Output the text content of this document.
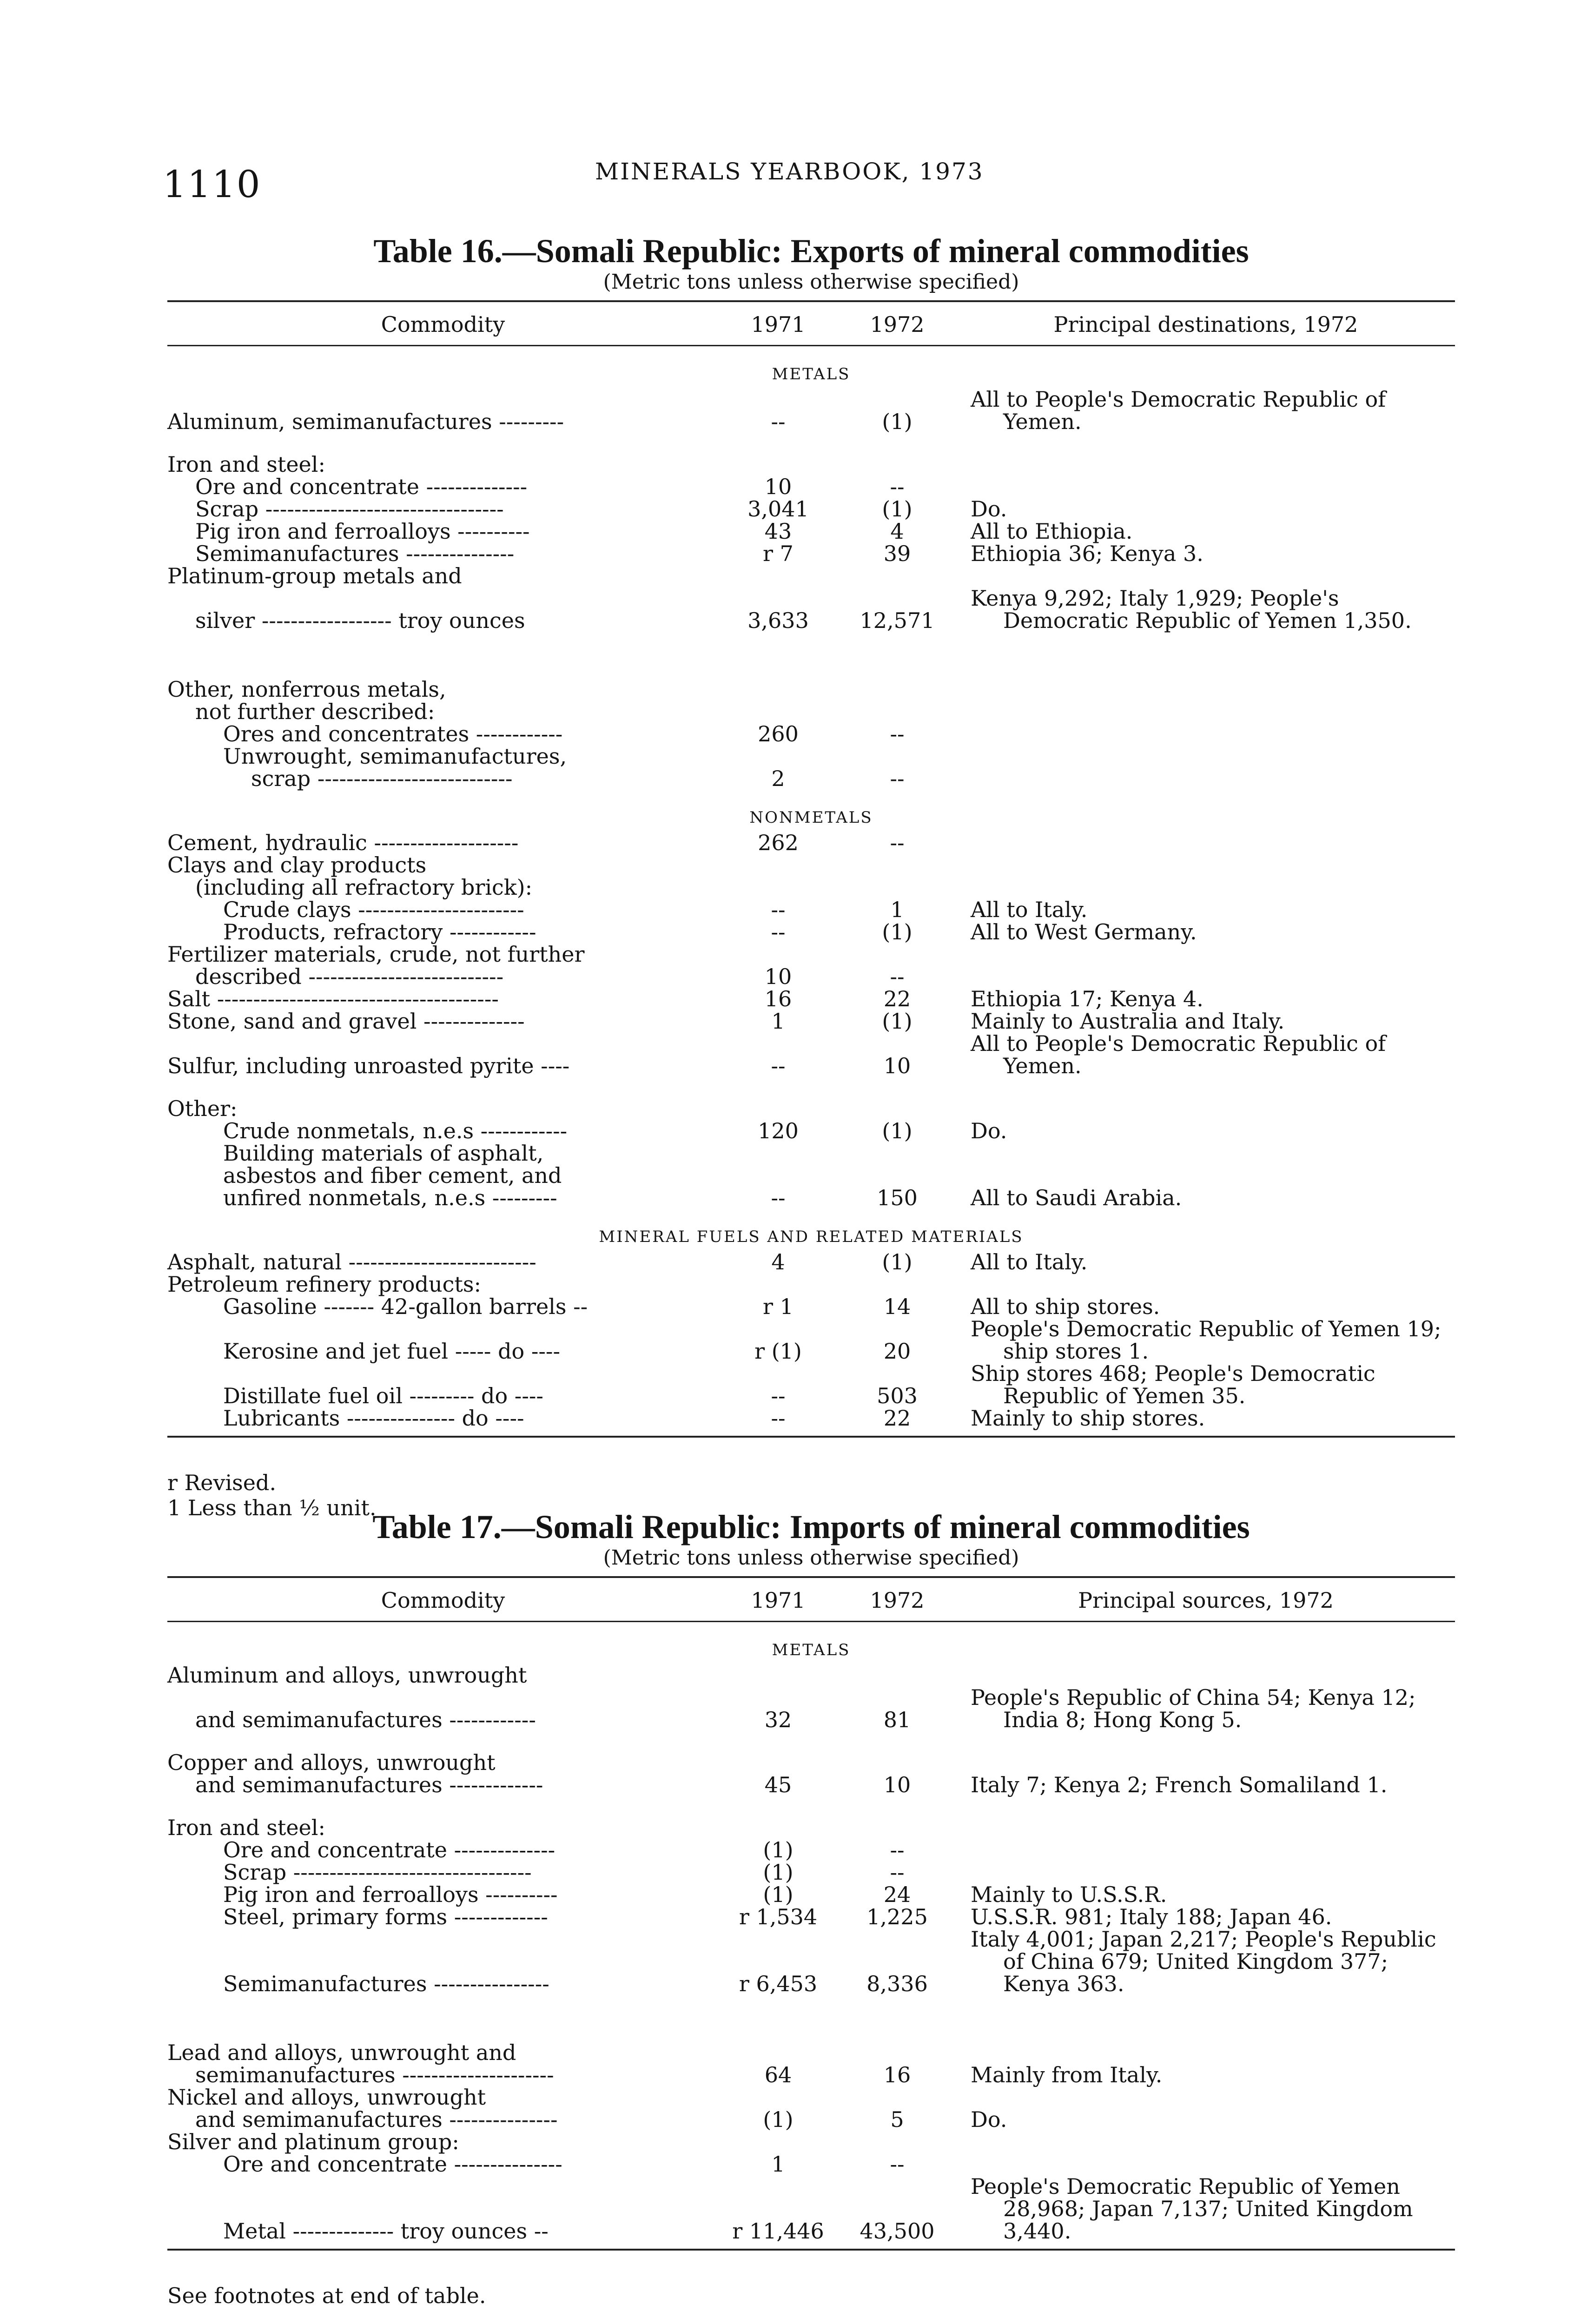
1110	MINERALS YEARBOOK, 1973
Table 16.—Somali Republic: Exports of mineral commodities
(Metric tons unless otherwise specified)
Commodity	1971	1972	Principal destinations, 1972
METALS			
Aluminum, semimanufactures ---------	--	(1)	All to People's Democratic Republic of Yemen.

Iron and steel:			

Ore and concentrate --------------	10	--	

Scrap ---------------------------------	3,041	(1)	Do.

Pig iron and ferroalloys ----------	43	4	All to Ethiopia.

Semimanufactures ---------------	r 7	39	Ethiopia 36; Kenya 3.

Platinum-group metals and			

silver ------------------ troy ounces	3,633	12,571	Kenya 9,292; Italy 1,929; People's Democratic Republic of Yemen 1,350.

Other, nonferrous metals,			

not further described:			

Ores and concentrates ------------	260	--	

Unwrought, semimanufactures,			

scrap ---------------------------	2	--	

NONMETALS			
Cement, hydraulic --------------------	262	--	

Clays and clay products			

(including all refractory brick):			

Crude clays -----------------------	--	1	All to Italy.

Products, refractory ------------	--	(1)	All to West Germany.

Fertilizer materials, crude, not further			

described ---------------------------	10	--	

Salt ---------------------------------------	16	22	Ethiopia 17; Kenya 4.

Stone, sand and gravel --------------	1	(1)	Mainly to Australia and Italy.

Sulfur, including unroasted pyrite ----	--	10	All to People's Democratic Republic of Yemen.

Other:			

Crude nonmetals, n.e.s ------------	120	(1)	Do.

Building materials of asphalt,			

asbestos and fiber cement, and			

unfired nonmetals, n.e.s ---------	--	150	All to Saudi Arabia.

MINERAL FUELS AND RELATED MATERIALS			
Asphalt, natural --------------------------	4	(1)	All to Italy.

Petroleum refinery products:			

Gasoline ------- 42-gallon barrels --	r 1	14	All to ship stores.

Kerosine and jet fuel ----- do ----	r (1)	20	People's Democratic Republic of Yemen 19; ship stores 1.

Distillate fuel oil --------- do ----	--	503	Ship stores 468; People's Democratic Republic of Yemen 35.

Lubricants --------------- do ----	--	22	Mainly to ship stores.
r Revised.
1 Less than ½ unit.
Table 17.—Somali Republic: Imports of mineral commodities
(Metric tons unless otherwise specified)
Commodity	1971	1972	Principal sources, 1972
METALS			
Aluminum and alloys, unwrought			

and semimanufactures ------------	32	81	People's Republic of China 54; Kenya 12; India 8; Hong Kong 5.

Copper and alloys, unwrought			

and semimanufactures -------------	45	10	Italy 7; Kenya 2; French Somaliland 1.

Iron and steel:			

Ore and concentrate --------------	(1)	--	

Scrap ---------------------------------	(1)	--	

Pig iron and ferroalloys ----------	(1)	24	Mainly to U.S.S.R.

Steel, primary forms -------------	r 1,534	1,225	U.S.S.R. 981; Italy 188; Japan 46.

Semimanufactures ----------------	r 6,453	8,336	Italy 4,001; Japan 2,217; People's Republic of China 679; United Kingdom 377; Kenya 363.

Lead and alloys, unwrought and			

semimanufactures ---------------------	64	16	Mainly from Italy.

Nickel and alloys, unwrought			

and semimanufactures ---------------	(1)	5	Do.

Silver and platinum group:			

Ore and concentrate ---------------	1	--	

Metal -------------- troy ounces --	r 11,446	43,500	People's Democratic Republic of Yemen 28,968; Japan 7,137; United Kingdom 3,440.
See footnotes at end of table.
